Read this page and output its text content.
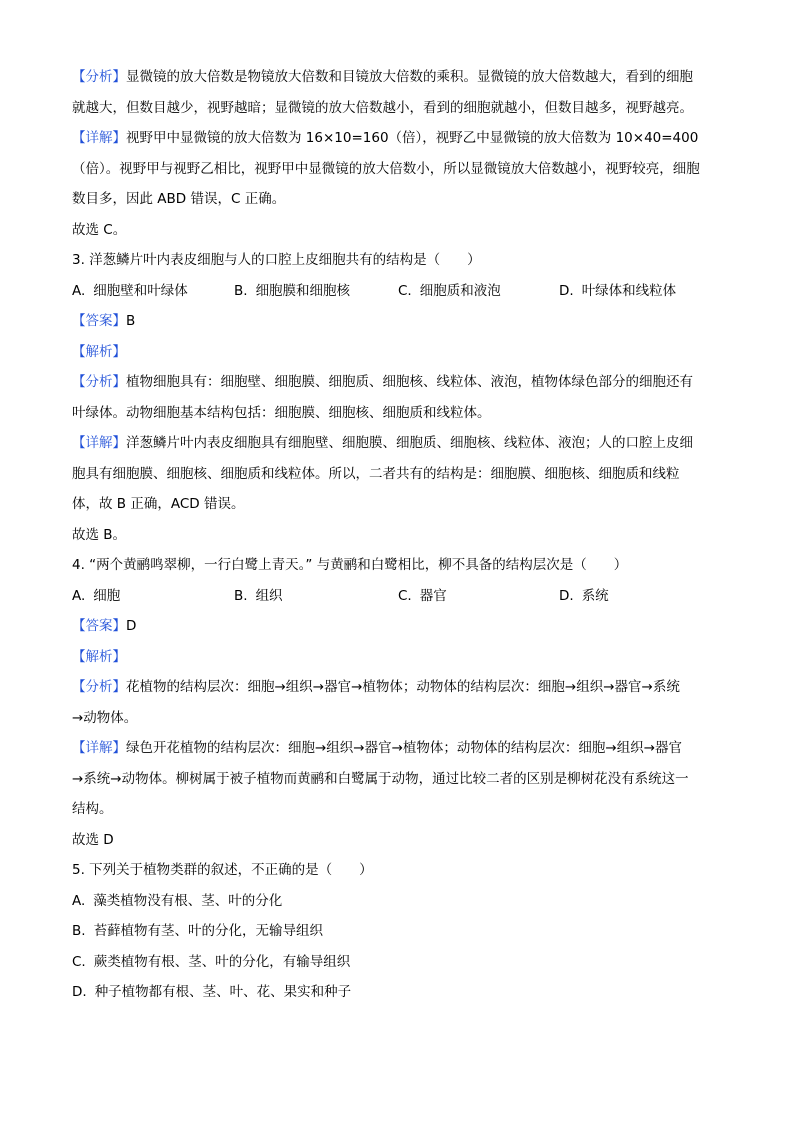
【分析】显微镜的放大倍数是物镜放大倍数和目镜放大倍数的乘积。显微镜的放大倍数越大，看到的细胞
就越大，但数目越少，视野越暗；显微镜的放大倍数越小，看到的细胞就越小，但数目越多，视野越亮。
【详解】视野甲中显微镜的放大倍数为 16×10=160（倍），视野乙中显微镜的放大倍数为 10×40=400
（倍）。视野甲与视野乙相比，视野甲中显微镜的放大倍数小，所以显微镜放大倍数越小，视野较亮，细胞
数目多，因此 ABD 错误，C 正确。
故选 C。
3. 洋葱鳞片叶内表皮细胞与人的口腔上皮细胞共有的结构是（　　）
A. 细胞壁和叶绿体	B. 细胞膜和细胞核	C. 细胞质和液泡	D. 叶绿体和线粒体
【答案】B
【解析】
【分析】植物细胞具有：细胞壁、细胞膜、细胞质、细胞核、线粒体、液泡，植物体绿色部分的细胞还有
叶绿体。动物细胞基本结构包括：细胞膜、细胞核、细胞质和线粒体。
【详解】洋葱鳞片叶内表皮细胞具有细胞壁、细胞膜、细胞质、细胞核、线粒体、液泡；人的口腔上皮细
胞具有细胞膜、细胞核、细胞质和线粒体。所以，二者共有的结构是：细胞膜、细胞核、细胞质和线粒
体，故 B 正确，ACD 错误。
故选 B。
4. “两个黄鹂鸣翠柳，一行白鹭上青天。” 与黄鹂和白鹭相比，柳不具备的结构层次是（　　）
A. 细胞	B. 组织	C. 器官	D. 系统
【答案】D
【解析】
【分析】花植物的结构层次：细胞→组织→器官→植物体；动物体的结构层次：细胞→组织→器官→系统
→动物体。
【详解】绿色开花植物的结构层次：细胞→组织→器官→植物体；动物体的结构层次：细胞→组织→器官
→系统→动物体。柳树属于被子植物而黄鹂和白鹭属于动物，通过比较二者的区别是柳树花没有系统这一
结构。
故选 D
5. 下列关于植物类群的叙述，不正确的是（　　）
A. 藻类植物没有根、茎、叶的分化
B. 苔藓植物有茎、叶的分化，无输导组织
C. 蕨类植物有根、茎、叶的分化，有输导组织
D. 种子植物都有根、茎、叶、花、果实和种子
